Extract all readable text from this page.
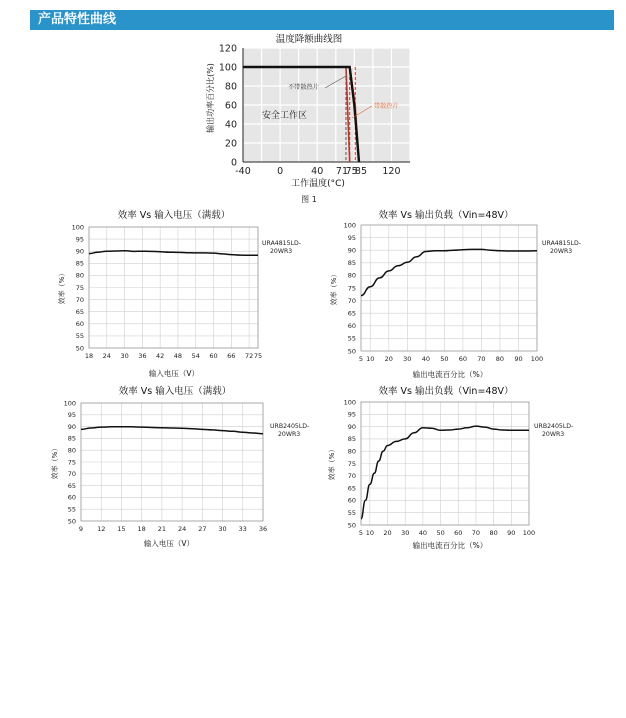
产品特性曲线
0
20
40
60
80
100
120
-40	0	40 71
75
85 120
温度降额曲线图
工作温度(°C)
输出功率百分比(%)	安全工作区
不带散热片
带散热片
50
55
60
65
70
75
80
85
90
95
100
18 24 30 36 42 48 54 60 66 72 75
效率 Vs 输入电压（满载）
输入电压（V）
效率（%）
URA4815LD-
20WR3
50
55
60
65
70
75
80
85
90
95
100
5 10 20 30 40 50 60 70 80 90 100
效率 Vs 输出负载（Vin=48V）
输出电流百分比（%）
效率（%）
URA4815LD-
20WR3
50
55
60
65
70
75
80
85
90
95
100
9 12 15 18 21 24 27 30 33 36
效率 Vs 输入电压（满载）
输入电压（V）
效率（%）
URB2405LD-
20WR3
50
55
60
65
70
75
80
85
90
95
100
5 10 20 30 40 50 60 70 80 90 100
效率 Vs 输出负载（Vin=48V）
输出电流百分比（%）
效率（%）
URB2405LD-
20WR3
图 1
